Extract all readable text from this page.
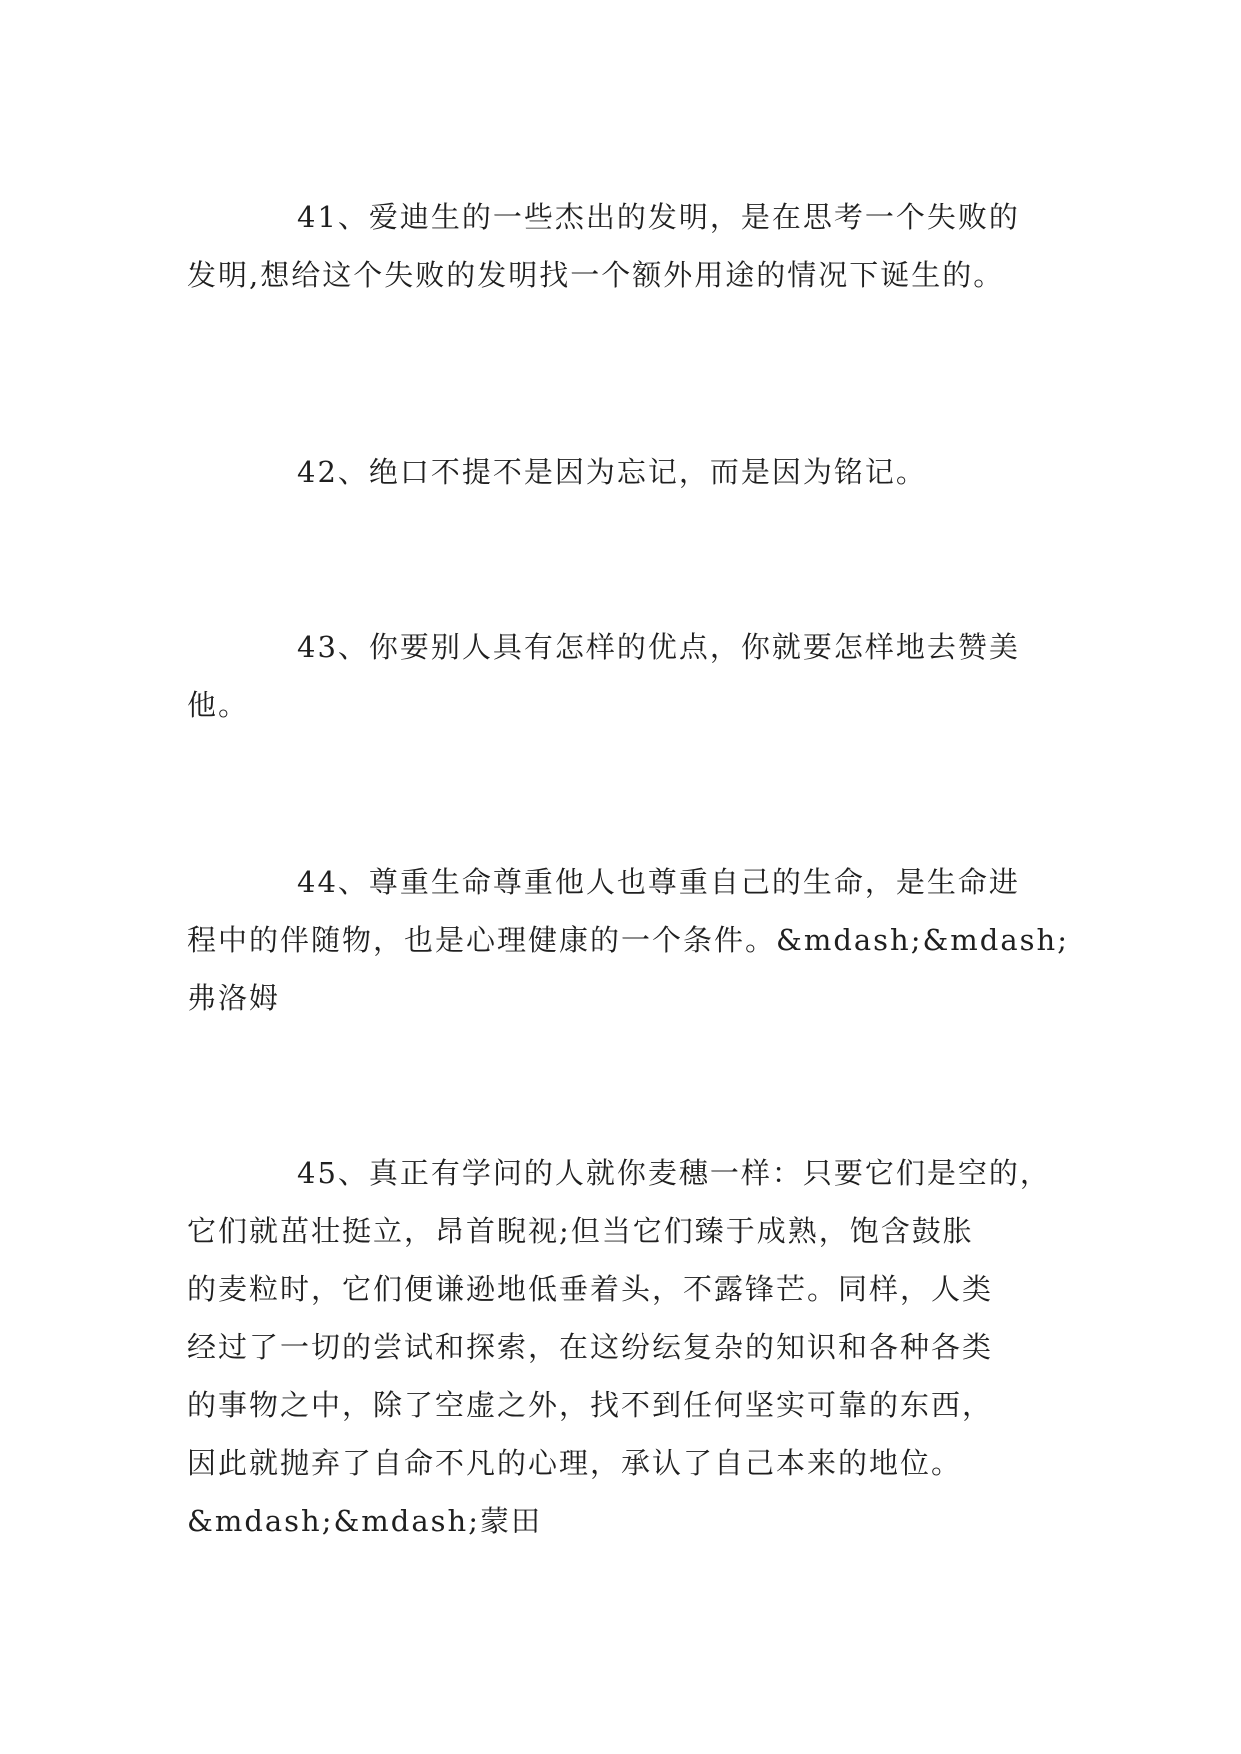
41、爱迪生的一些杰出的发明，是在思考一个失败的
发明,想给这个失败的发明找一个额外用途的情况下诞生的。
42、绝口不提不是因为忘记，而是因为铭记。
43、你要别人具有怎样的优点，你就要怎样地去赞美
他。
44、尊重生命尊重他人也尊重自己的生命，是生命进
程中的伴随物，也是心理健康的一个条件。&mdash;&mdash;
弗洛姆
45、真正有学问的人就你麦穗一样：只要它们是空的，
它们就茁壮挺立，昂首睨视;但当它们臻于成熟，饱含鼓胀
的麦粒时，它们便谦逊地低垂着头，不露锋芒。同样，人类
经过了一切的尝试和探索，在这纷纭复杂的知识和各种各类
的事物之中，除了空虚之外，找不到任何坚实可靠的东西，
因此就抛弃了自命不凡的心理，承认了自己本来的地位。
&mdash;&mdash;蒙田
